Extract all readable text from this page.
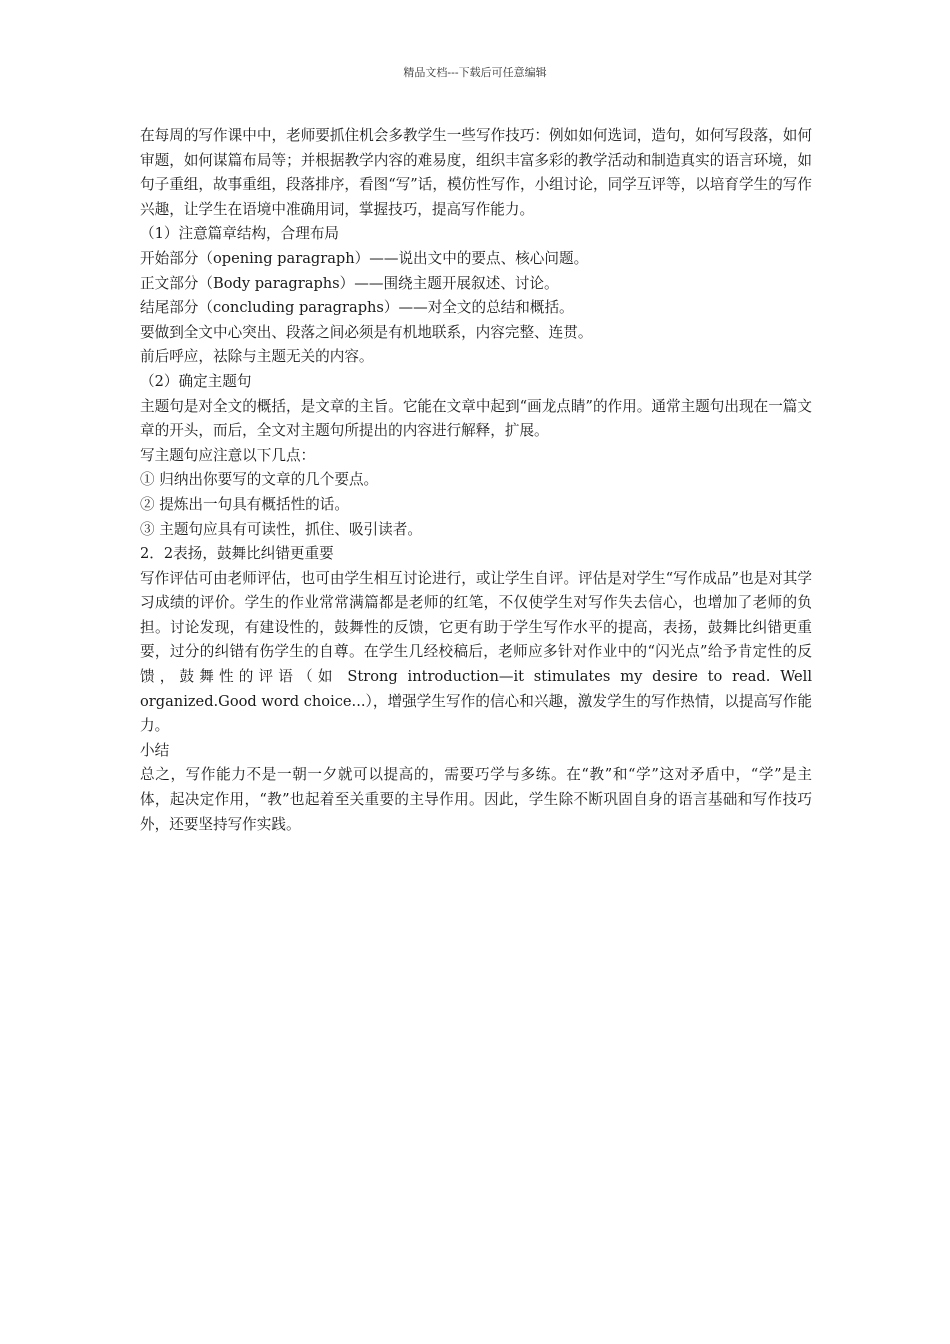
精品文档---下载后可任意编辑

在每周的写作课中中，老师要抓住机会多教学生一些写作技巧：例如如何选词，造句，如何写段落，如何审题，如何谋篇布局等；并根据教学内容的难易度，组织丰富多彩的教学活动和制造真实的语言环境，如句子重组，故事重组，段落排序，看图“写”话，模仿性写作，小组讨论，同学互评等，以培育学生的写作兴趣，让学生在语境中准确用词，掌握技巧，提高写作能力。

（1）注意篇章结构，合理布局

开始部分（opening paragraph）——说出文中的要点、核心问题。

正文部分（Body paragraphs）——围绕主题开展叙述、讨论。

结尾部分（concluding paragraphs）——对全文的总结和概括。

要做到全文中心突出、段落之间必须是有机地联系，内容完整、连贯。

前后呼应，祛除与主题无关的内容。

（2）确定主题句

主题句是对全文的概括，是文章的主旨。它能在文章中起到“画龙点睛”的作用。通常主题句出现在一篇文章的开头，而后，全文对主题句所提出的内容进行解释，扩展。

写主题句应注意以下几点：

① 归纳出你要写的文章的几个要点。

② 提炼出一句具有概括性的话。

③ 主题句应具有可读性，抓住、吸引读者。

2．2表扬，鼓舞比纠错更重要

写作评估可由老师评估，也可由学生相互讨论进行，或让学生自评。评估是对学生“写作成品”也是对其学习成绩的评价。学生的作业常常满篇都是老师的红笔，不仅使学生对写作失去信心，也增加了老师的负担。讨论发现，有建设性的，鼓舞性的反馈，它更有助于学生写作水平的提高，表扬，鼓舞比纠错更重要，过分的纠错有伤学生的自尊。在学生几经校稿后，老师应多针对作业中的“闪光点”给予肯定性的反馈，鼓舞性的评语（如 Strong introduction—it stimulates my desire to read. Well organized.Good word choice...），增强学生写作的信心和兴趣，激发学生的写作热情，以提高写作能力。

小结

总之，写作能力不是一朝一夕就可以提高的，需要巧学与多练。在“教”和“学”这对矛盾中，“学”是主体，起决定作用，“教”也起着至关重要的主导作用。因此，学生除不断巩固自身的语言基础和写作技巧外，还要坚持写作实践。
